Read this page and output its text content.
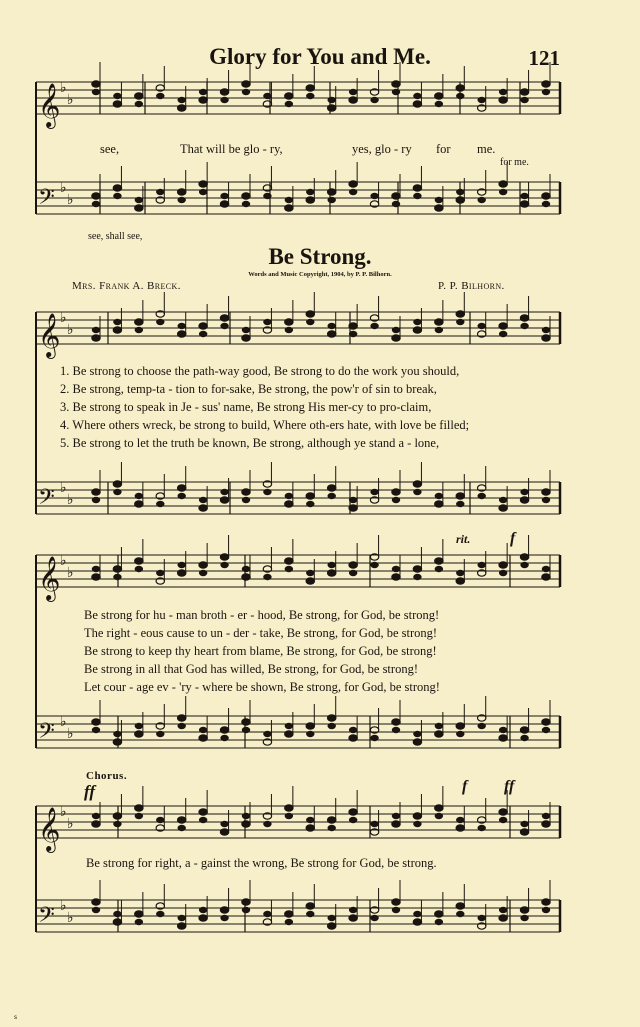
Glory for You and Me.	121
see,	That will be glo - ry,	yes, glo - ry for me.
see, shall see,
for me.
Be Strong.
Words and Music Copyright, 1904, by P. P. Bilhorn.
Mrs. Frank A. Breck.	P. P. Bilhorn.
1. Be strong to choose the path-way good, Be strong to do the work you should,
2. Be strong, temp-ta - tion to for-sake, Be strong, the pow'r of sin to break,
3. Be strong to speak in Je - sus' name, Be strong His mer-cy to pro-claim,
4. Where others wreck, be strong to build, Where oth-ers hate, with love be filled;
5. Be strong to let the truth be known, Be strong, although ye stand a - lone,
Be strong for hu - man broth - er - hood, Be strong, for God, be strong!
The right - eous cause to un - der - take, Be strong, for God, be strong!
Be strong to keep thy heart from blame, Be strong, for God, be strong!
Be strong in all that God has willed, Be strong, for God, be strong!
Let cour - age ev - 'ry - where be shown, Be strong, for God, be strong!
rit. f
Chorus.
ff	f ff
Be strong for right, a - gainst the wrong, Be strong for God, be strong.
s
𝄞 ♭
♭
𝄢 ♭
♭
𝄞 ♭
♭
𝄢 ♭
♭
𝄞 ♭
♭
𝄢 ♭
♭
𝄞 ♭
♭
𝄢 ♭
♭
